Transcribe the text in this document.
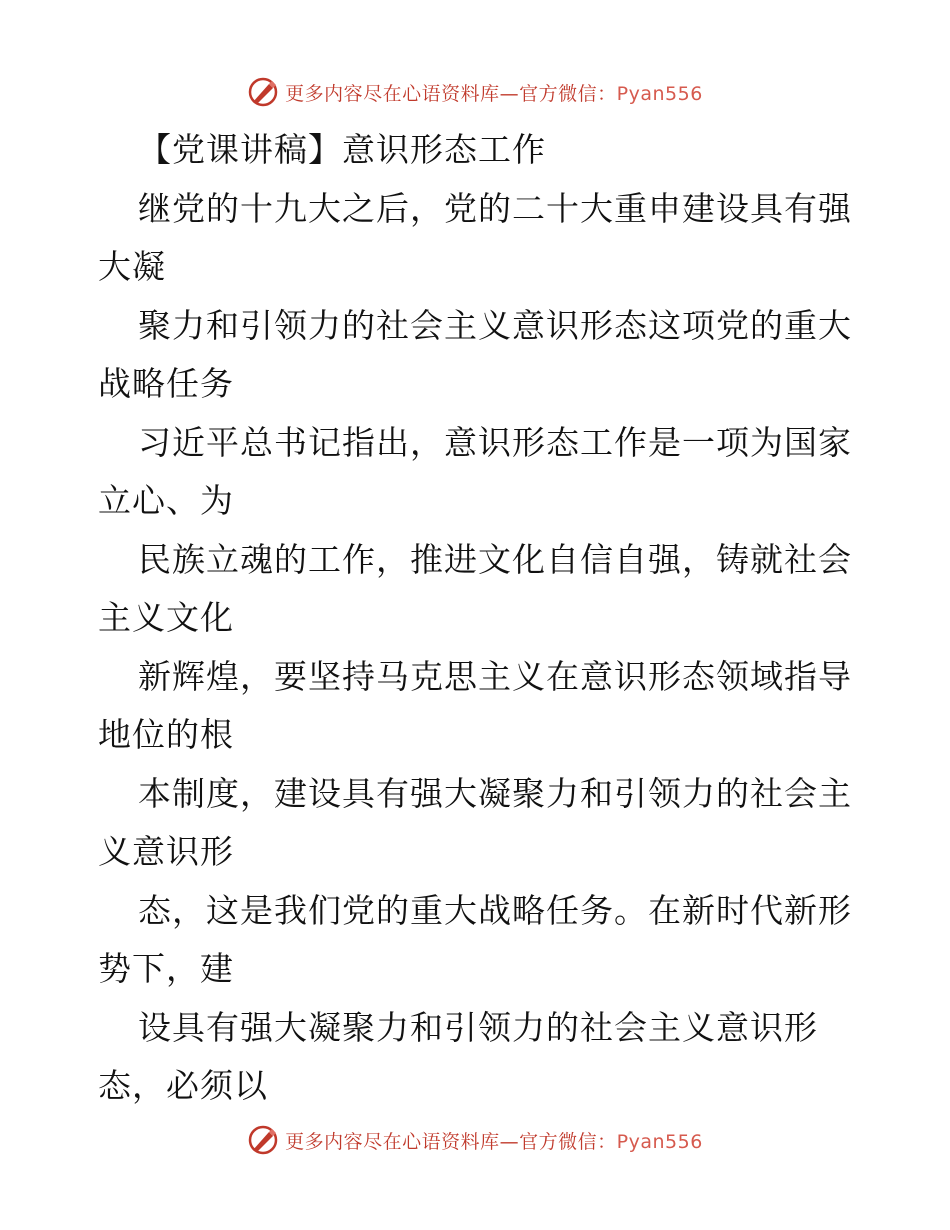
更多内容尽在心语资料库—官方微信：Pyan556
【党课讲稿】意识形态工作
继党的十九大之后，党的二十大重申建设具有强
大凝
聚力和引领力的社会主义意识形态这项党的重大
战略任务
习近平总书记指出，意识形态工作是一项为国家
立心、为
民族立魂的工作，推进文化自信自强，铸就社会
主义文化
新辉煌，要坚持马克思主义在意识形态领域指导
地位的根
本制度，建设具有强大凝聚力和引领力的社会主
义意识形
态，这是我们党的重大战略任务。在新时代新形
势下，建
设具有强大凝聚力和引领力的社会主义意识形
态，必须以
更多内容尽在心语资料库—官方微信：Pyan556
